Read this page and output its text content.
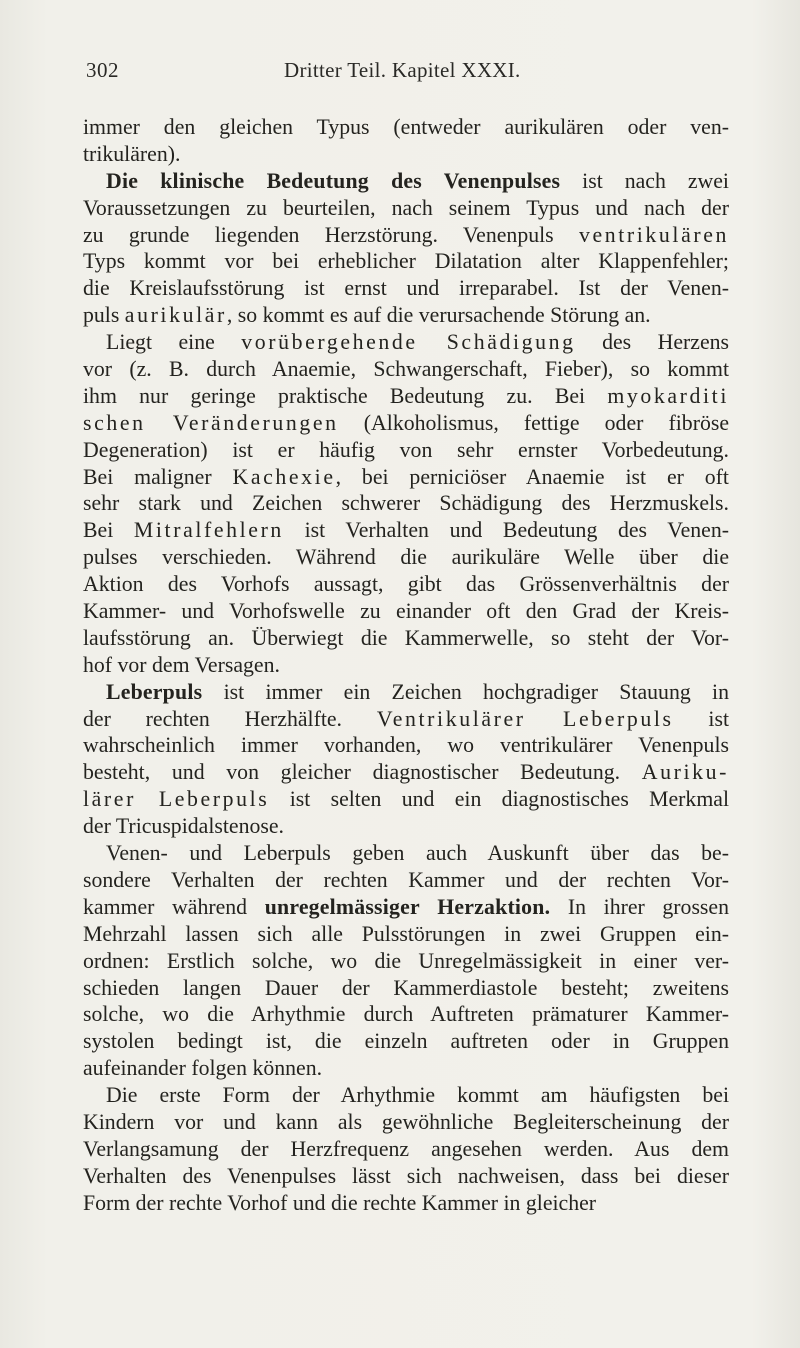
302	Dritter Teil. Kapitel XXXI.
immer den gleichen Typus (entweder aurikulären oder ven-
trikulären).
Die klinische Bedeutung des Venenpulses ist nach zwei
Voraussetzungen zu beurteilen, nach seinem Typus und nach der
zu grunde liegenden Herzstörung. Venenpuls ventrikulären
Typs kommt vor bei erheblicher Dilatation alter Klappenfehler;
die Kreislaufsstörung ist ernst und irreparabel. Ist der Venen-
puls aurikulär, so kommt es auf die verursachende Störung an.
Liegt eine vorübergehende Schädigung des Herzens
vor (z. B. durch Anaemie, Schwangerschaft, Fieber), so kommt
ihm nur geringe praktische Bedeutung zu. Bei myokarditi
schen Veränderungen (Alkoholismus, fettige oder fibröse
Degeneration) ist er häufig von sehr ernster Vorbedeutung.
Bei maligner Kachexie, bei perniciöser Anaemie ist er oft
sehr stark und Zeichen schwerer Schädigung des Herzmuskels.
Bei Mitralfehlern ist Verhalten und Bedeutung des Venen-
pulses verschieden. Während die aurikuläre Welle über die
Aktion des Vorhofs aussagt, gibt das Grössenverhältnis der
Kammer- und Vorhofswelle zu einander oft den Grad der Kreis-
laufsstörung an. Überwiegt die Kammerwelle, so steht der Vor-
hof vor dem Versagen.
Leberpuls ist immer ein Zeichen hochgradiger Stauung in
der rechten Herzhälfte. Ventrikulärer Leberpuls ist
wahrscheinlich immer vorhanden, wo ventrikulärer Venenpuls
besteht, und von gleicher diagnostischer Bedeutung. Auriku-
lärer Leberpuls ist selten und ein diagnostisches Merkmal
der Tricuspidalstenose.
Venen- und Leberpuls geben auch Auskunft über das be-
sondere Verhalten der rechten Kammer und der rechten Vor-
kammer während unregelmässiger Herzaktion. In ihrer grossen
Mehrzahl lassen sich alle Pulsstörungen in zwei Gruppen ein-
ordnen: Erstlich solche, wo die Unregelmässigkeit in einer ver-
schieden langen Dauer der Kammerdiastole besteht; zweitens
solche, wo die Arhythmie durch Auftreten prämaturer Kammer-
systolen bedingt ist, die einzeln auftreten oder in Gruppen
aufeinander folgen können.
Die erste Form der Arhythmie kommt am häufigsten bei
Kindern vor und kann als gewöhnliche Begleiterscheinung der
Verlangsamung der Herzfrequenz angesehen werden. Aus dem
Verhalten des Venenpulses lässt sich nachweisen, dass bei dieser
Form der rechte Vorhof und die rechte Kammer in gleicher
